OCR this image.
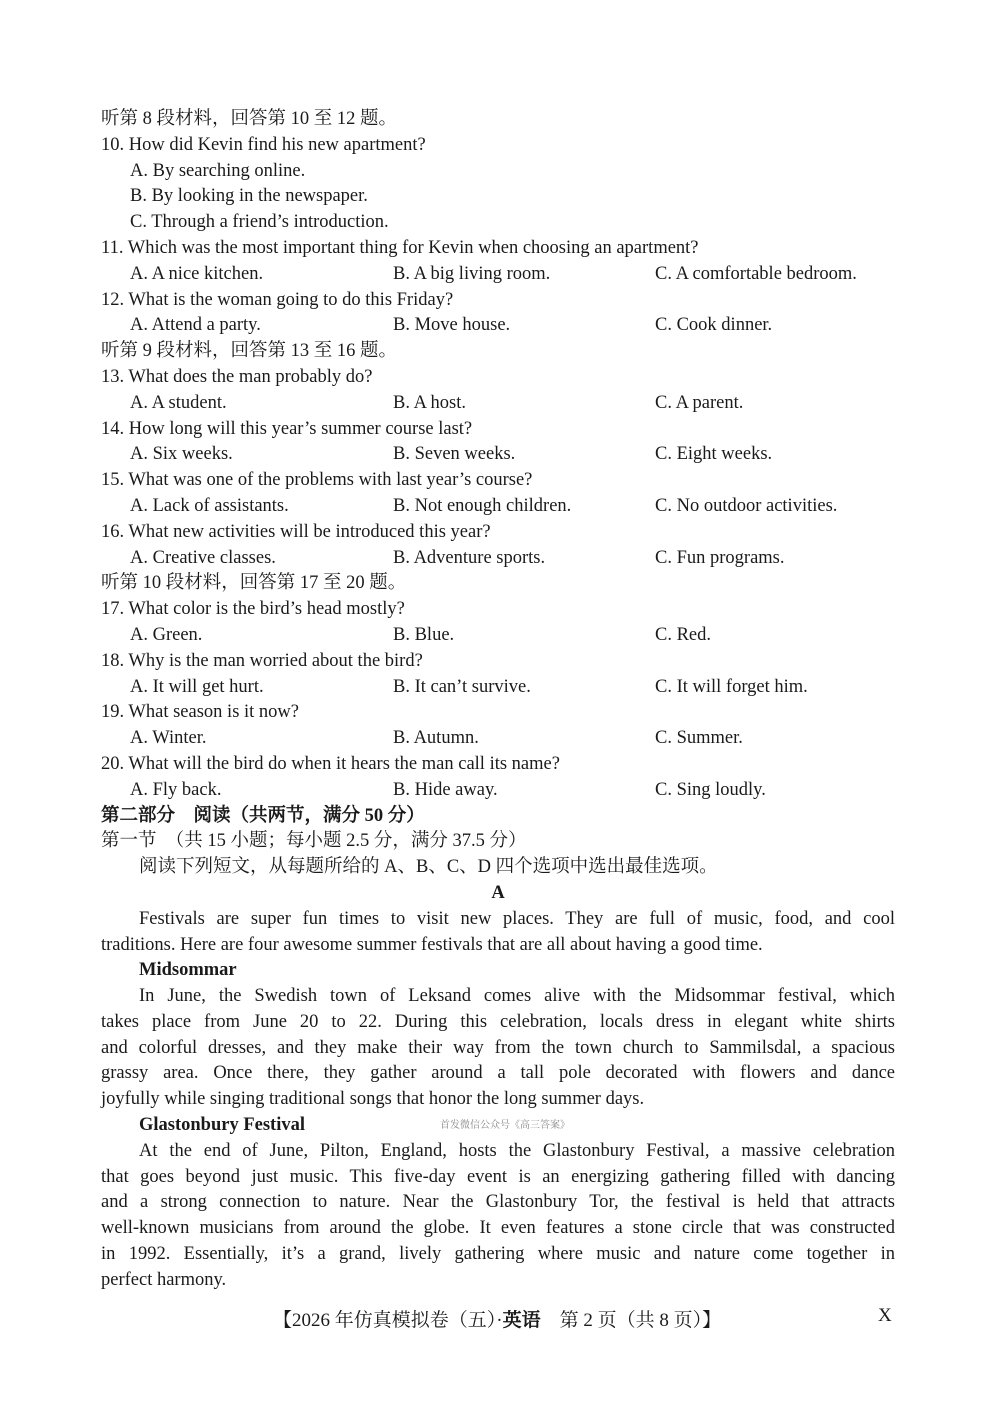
听第 8 段材料，回答第 10 至 12 题。
10. How did Kevin find his new apartment?
A. By searching online.
B. By looking in the newspaper.
C. Through a friend’s introduction.
11. Which was the most important thing for Kevin when choosing an apartment?
A. A nice kitchen.	B. A big living room.	C. A comfortable bedroom.
12. What is the woman going to do this Friday?
A. Attend a party.	B. Move house.	C. Cook dinner.
听第 9 段材料，回答第 13 至 16 题。
13. What does the man probably do?
A. A student.	B. A host.	C. A parent.
14. How long will this year’s summer course last?
A. Six weeks.	B. Seven weeks.	C. Eight weeks.
15. What was one of the problems with last year’s course?
A. Lack of assistants.	B. Not enough children.	C. No outdoor activities.
16. What new activities will be introduced this year?
A. Creative classes.	B. Adventure sports.	C. Fun programs.
听第 10 段材料，回答第 17 至 20 题。
17. What color is the bird’s head mostly?
A. Green.	B. Blue.	C. Red.
18. Why is the man worried about the bird?
A. It will get hurt.	B. It can’t survive.	C. It will forget him.
19. What season is it now?
A. Winter.	B. Autumn.	C. Summer.
20. What will the bird do when it hears the man call its name?
A. Fly back.	B. Hide away.	C. Sing loudly.
第二部分　阅读（共两节，满分 50 分）
第一节　（共 15 小题；每小题 2.5 分，满分 37.5 分）
阅读下列短文，从每题所给的 A、B、C、D 四个选项中选出最佳选项。
A
Festivals are super fun times to visit new places. They are full of music, food, and cool
traditions. Here are four awesome summer festivals that are all about having a good time.
Midsommar
In June, the Swedish town of Leksand comes alive with the Midsommar festival, which
takes place from June 20 to 22. During this celebration, locals dress in elegant white shirts
and colorful dresses, and they make their way from the town church to Sammilsdal, a spacious
grassy area. Once there, they gather around a tall pole decorated with flowers and dance
joyfully while singing traditional songs that honor the long summer days.
Glastonbury Festival
At the end of June, Pilton, England, hosts the Glastonbury Festival, a massive celebration
that goes beyond just music. This five-day event is an energizing gathering filled with dancing
and a strong connection to nature. Near the Glastonbury Tor, the festival is held that attracts
well-known musicians from around the globe. It even features a stone circle that was constructed
in 1992. Essentially, it’s a grand, lively gathering where music and nature come together in
perfect harmony.
首发微信公众号《高三答案》
【2026 年仿真模拟卷（五）·英语　第 2 页（共 8 页）】	X
